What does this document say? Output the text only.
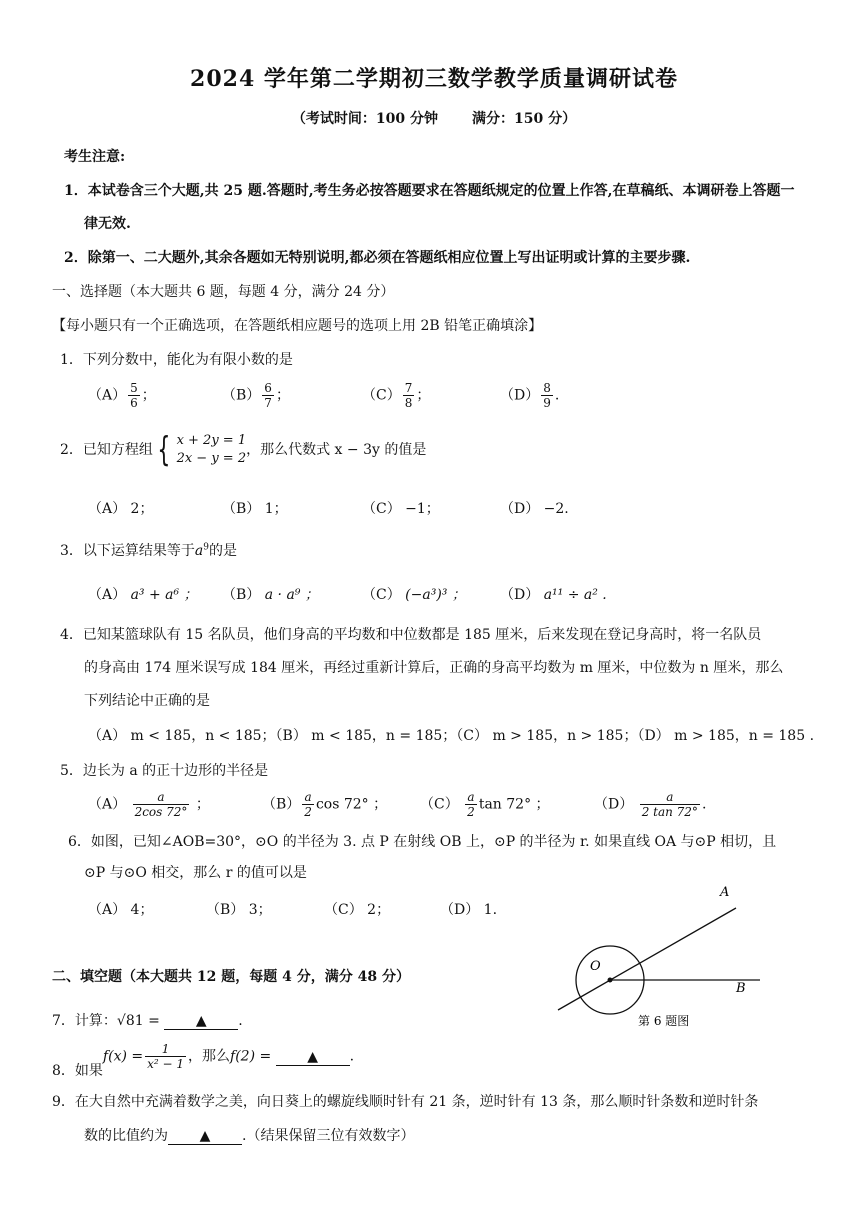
2024 学年第二学期初三数学教学质量调研试卷
（考试时间：100 分钟 满分：150 分）
考生注意:
1．本试卷含三个大题,共 25 题.答题时,考生务必按答题要求在答题纸规定的位置上作答,在草稿纸、本调研卷上答题一
律无效.
2．除第一、二大题外,其余各题如无特别说明,都必须在答题纸相应位置上写出证明或计算的主要步骤.
一、选择题（本大题共 6 题，每题 4 分，满分 24 分）
【每小题只有一个正确选项，在答题纸相应题号的选项上用 2B 铅笔正确填涂】
1．下列分数中，能化为有限小数的是
$(A) \frac{5}{6}$ ；	$(B) \frac{6}{7}$ ；	$(C) \frac{7}{8}$ ；	$(D) \frac{8}{9}$ .
2．已知方程组 { x + 2y = 1
2x − y = 2
，那么代数式 x − 3y 的值是
（A） 2；	（B） 1；	（C） −1；	（D） −2.
3．以下运算结果等于$a^9$的是
（A） a³ + a⁶ ； （B） a · a⁹ ；	（C） (−a³)³ ； （D） a¹¹ ÷ a² .
4．已知某篮球队有 15 名队员，他们身高的平均数和中位数都是 185 厘米，后来发现在登记身高时，将一名队员
的身高由 174 厘米误写成 184 厘米，再经过重新计算后，正确的身高平均数为 m 厘米，中位数为 n 厘米，那么
下列结论中正确的是
（A） m < 185，n < 185；（B） m < 185，n = 185；（C） m > 185，n > 185；（D） m > 185，n = 185 .
5．边长为 a 的正十边形的半径是
$(A) \frac{a}{2\cos 72^\circ}$ ；	$(B) \frac{a}{2}$ cos 72° ； $(C) \frac{a}{2}$ tan 72° ；	$(D) \frac{a}{2 \tan 72^\circ}$ .
6．如图，已知∠AOB=30°，⊙O 的半径为 3. 点 P 在射线 OB 上，⊙P 的半径为 r. 如果直线 OA 与⊙P 相切，且
⊙P 与⊙O 相交，那么 r 的值可以是
（A） 4；	（B） 3；	（C） 2；	（D） 1.
A
O
B
第 6 题图
二、填空题（本大题共 12 题，每题 4 分，满分 48 分）
7．计算：√81 =	▲ .
8．如果$f(x) = \frac{1}{\text{x² − 1}}$ ，那么f(2) =	▲ .
9．在大自然中充满着数学之美，向日葵上的螺旋线顺时针有 21 条，逆时针有 13 条，那么顺时针条数和逆时针条
数的比值约为 ▲ .（结果保留三位有效数字）
